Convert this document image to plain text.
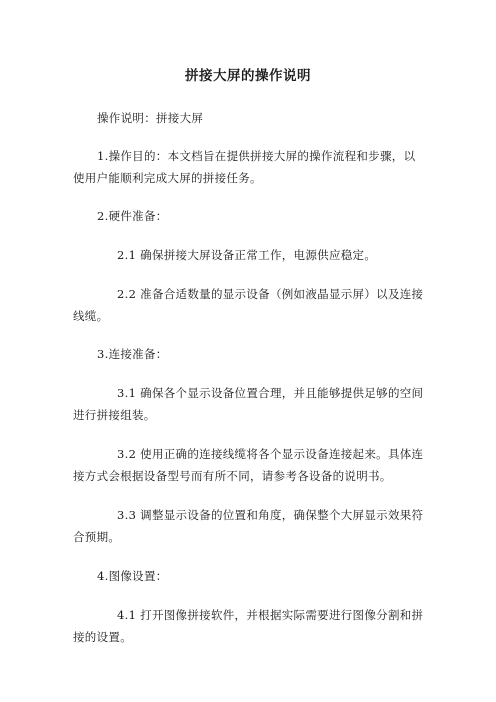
拼接大屏的操作说明
操作说明：拼接大屏
1.操作目的：本文档旨在提供拼接大屏的操作流程和步骤，以
使用户能顺利完成大屏的拼接任务。
2.硬件准备：
2.1 确保拼接大屏设备正常工作，电源供应稳定。
2.2 准备合适数量的显示设备（例如液晶显示屏）以及连接
线缆。
3.连接准备：
3.1 确保各个显示设备位置合理，并且能够提供足够的空间
进行拼接组装。
3.2 使用正确的连接线缆将各个显示设备连接起来。具体连
接方式会根据设备型号而有所不同，请参考各设备的说明书。
3.3 调整显示设备的位置和角度，确保整个大屏显示效果符
合预期。
4.图像设置：
4.1 打开图像拼接软件，并根据实际需要进行图像分割和拼
接的设置。
